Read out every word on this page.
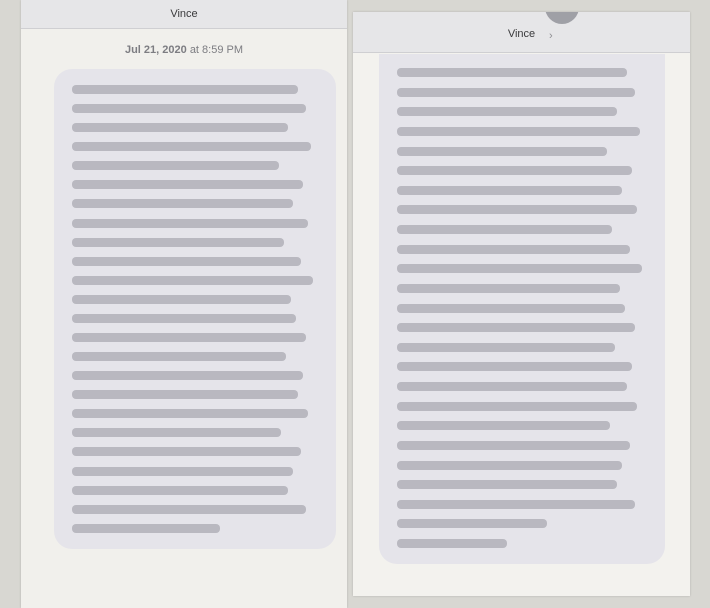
Vince
Jul 21, 2020 at 8:59 PM
Vince	›
